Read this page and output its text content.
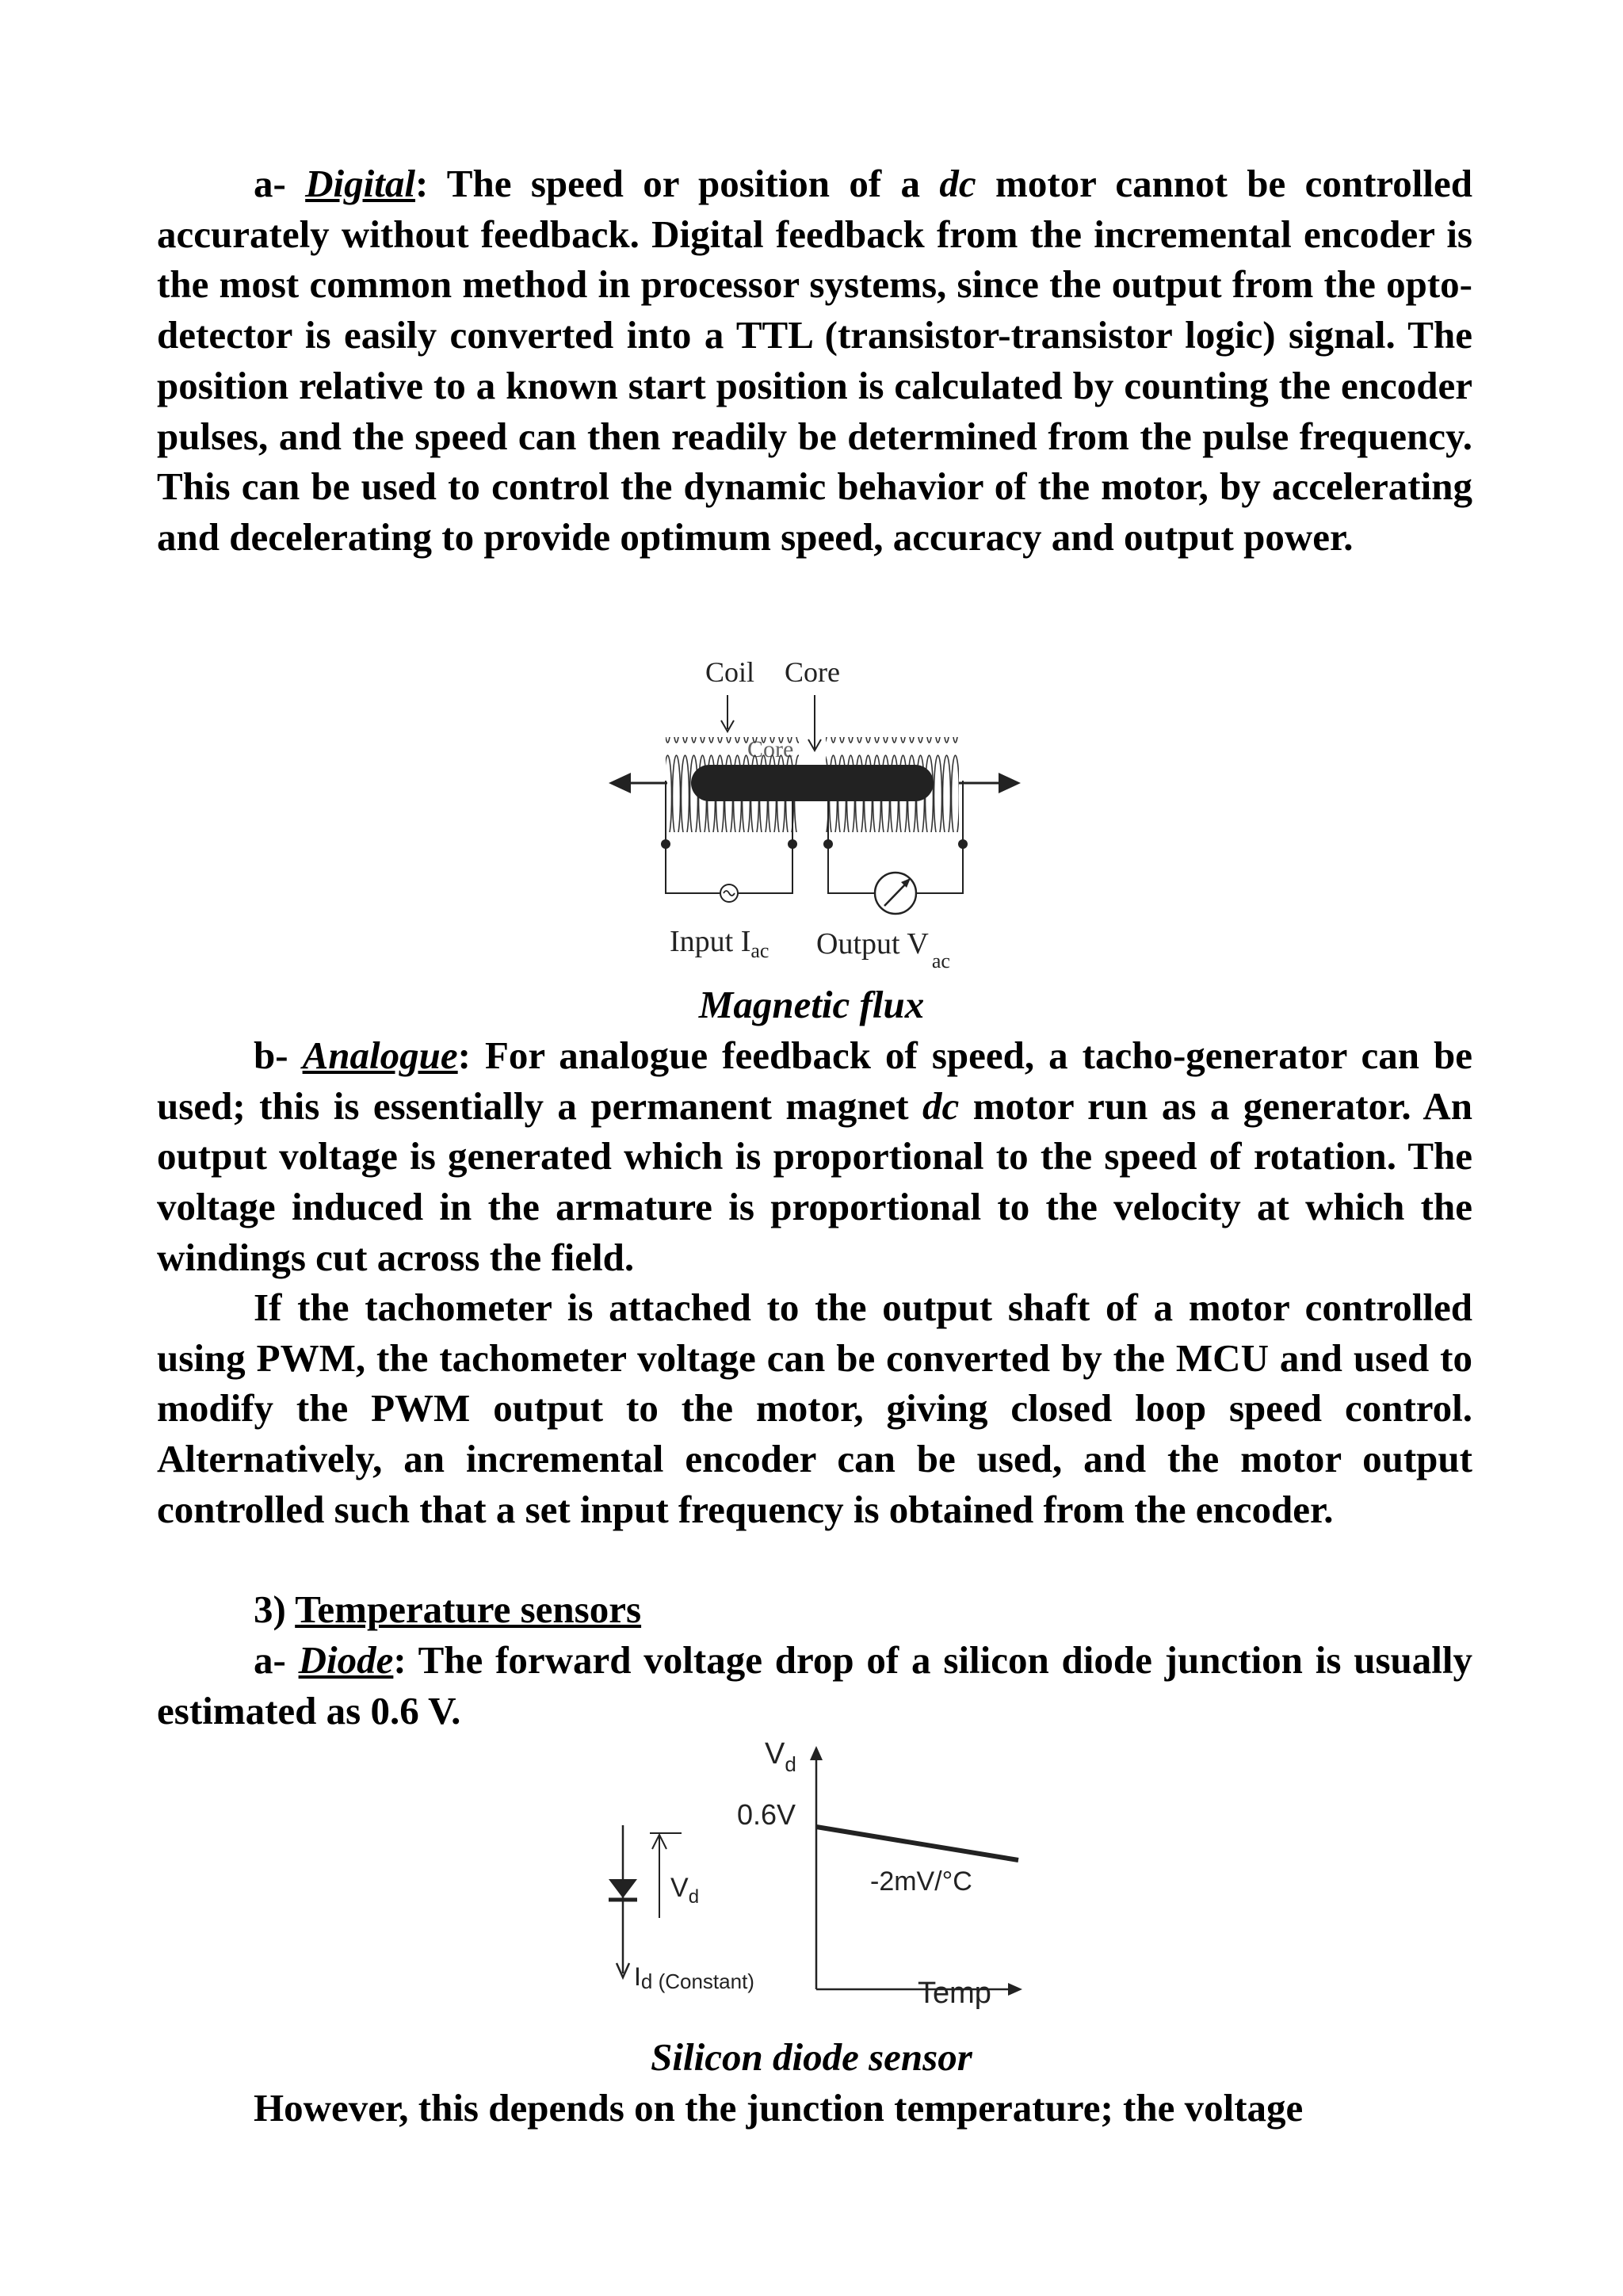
a- Digital: The speed or position of a dc motor cannot be controlled accurately without feedback. Digital feedback from the incremental encoder is the most common method in processor systems, since the output from the opto-detector is easily converted into a TTL (transistor-transistor logic) signal. The position relative to a known start position is calculated by counting the encoder pulses, and the speed can then readily be determined from the pulse frequency. This can be used to control the dynamic behavior of the motor, by accelerating and decelerating to provide optimum speed, accuracy and output power.

Coil Core
Input $I_{ac}$ Output $V_{ac}$
Magnetic flux

b- Analogue: For analogue feedback of speed, a tacho-generator can be used; this is essentially a permanent magnet dc motor run as a generator. An output voltage is generated which is proportional to the speed of rotation. The voltage induced in the armature is proportional to the velocity at which the windings cut across the field.

If the tachometer is attached to the output shaft of a motor controlled using PWM, the tachometer voltage can be converted by the MCU and used to modify the PWM output to the motor, giving closed loop speed control. Alternatively, an incremental encoder can be used, and the motor output controlled such that a set input frequency is obtained from the encoder.

3) Temperature sensors

a- Diode: The forward voltage drop of a silicon diode junction is usually estimated as 0.6 V.

$V_d$
Id (Constant)
$V_d$
0.6V
-2mV/°C
Temp
Silicon diode sensor

However, this depends on the junction temperature; the voltage
